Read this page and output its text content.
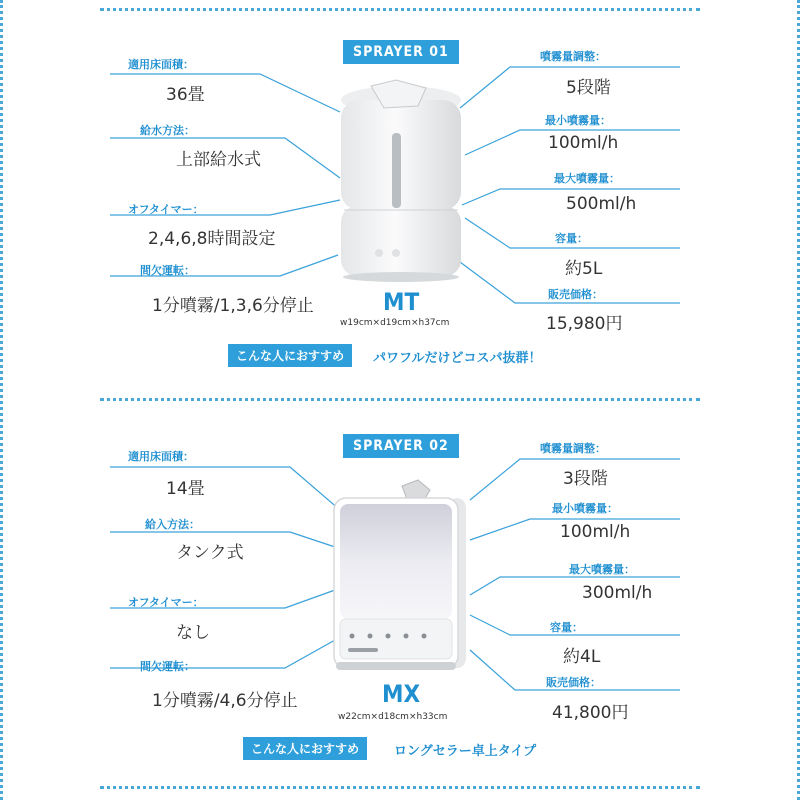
SPRAYER 01
適用床面積：
36畳
給水方法：
上部給水式
オフタイマー：
2,4,6,8時間設定
間欠運転：
1分噴霧/1,3,6分停止
噴霧量調整：
5段階
最小噴霧量：
100ml/h
最大噴霧量：
500ml/h
容量：
約5L
販売価格：
15,980円
MT
w19cm×d19cm×h37cm
こんな人におすすめ	パワフルだけどコスパ抜群！
SPRAYER 02
適用床面積：
14畳
給入方法：
タンク式
オフタイマー：
なし
間欠運転：
1分噴霧/4,6分停止
噴霧量調整：
3段階
最小噴霧量：
100ml/h
最大噴霧量：
300ml/h
容量：
約4L
販売価格：
41,800円
MX
w22cm×d18cm×h33cm
こんな人におすすめ	ロングセラー卓上タイプ
